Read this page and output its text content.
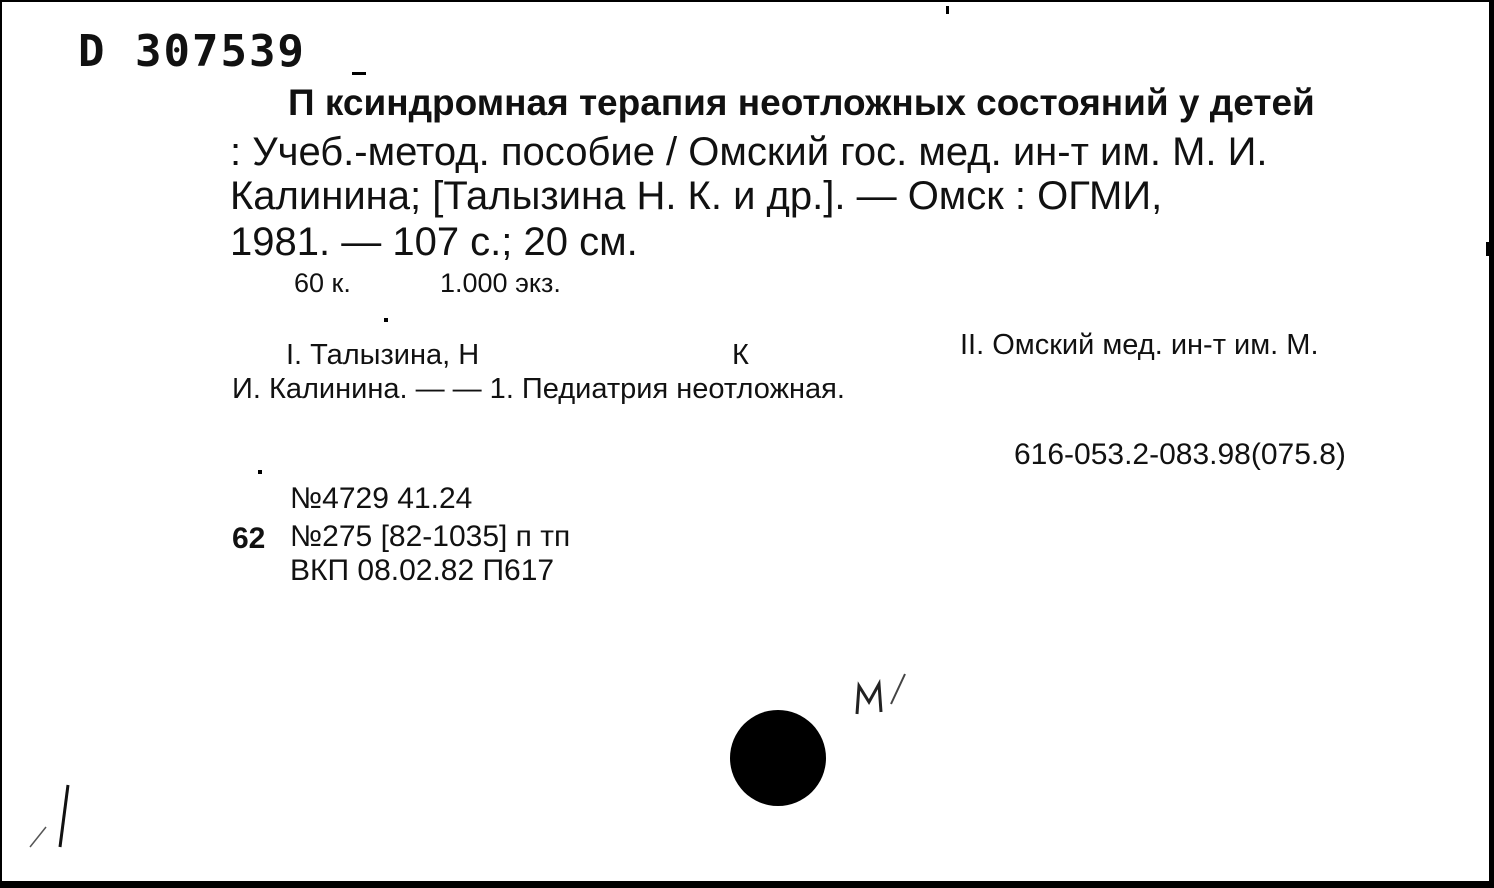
D 307539
П ксиндромная терапия неотложных состояний у детей
: Учеб.-метод. пособие / Омский гос. мед. ин-т им. М. И.
Калинина; [Талызина Н. К. и др.]. — Омск : ОГМИ,
1981. — 107 с.; 20 см.
60 к.	1.000 экз.
I. Талызина, Н	К	II. Омский мед. ин-т им. М.
И. Калинина. — — 1. Педиатрия неотложная.
616-053.2-083.98(075.8)
№4729 41.24
62 №275 [82-1035] п тп
ВКП 08.02.82 П617
